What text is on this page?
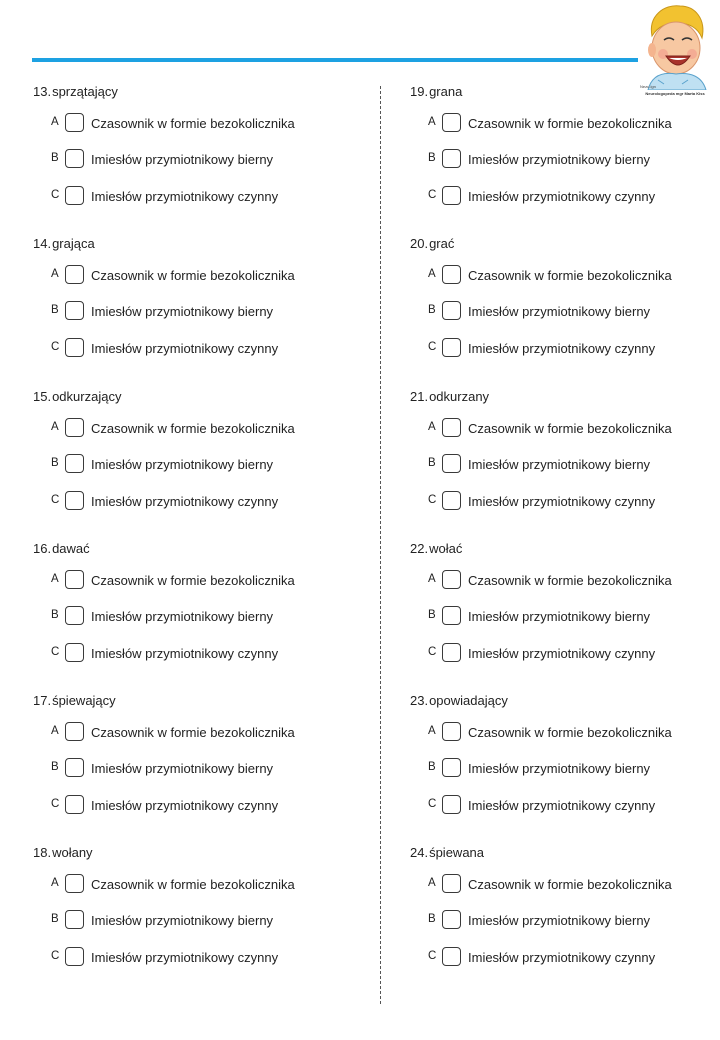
Nezu.lgn
Neurologopeda mgr Marta Kiss
13.sprzątający
A	Czasownik w formie bezokolicznika
B	Imiesłów przymiotnikowy bierny
C Imiesłów przymiotnikowy czynny
14.grająca
A	Czasownik w formie bezokolicznika
B	Imiesłów przymiotnikowy bierny
C Imiesłów przymiotnikowy czynny
15.odkurzający
A	Czasownik w formie bezokolicznika
B	Imiesłów przymiotnikowy bierny
C Imiesłów przymiotnikowy czynny
16.dawać
A	Czasownik w formie bezokolicznika
B	Imiesłów przymiotnikowy bierny
C Imiesłów przymiotnikowy czynny
17.śpiewający
A	Czasownik w formie bezokolicznika
B	Imiesłów przymiotnikowy bierny
C Imiesłów przymiotnikowy czynny
18.wołany
A	Czasownik w formie bezokolicznika
B	Imiesłów przymiotnikowy bierny
C Imiesłów przymiotnikowy czynny
19.grana
A	Czasownik w formie bezokolicznika
B	Imiesłów przymiotnikowy bierny
C Imiesłów przymiotnikowy czynny
20.grać
A	Czasownik w formie bezokolicznika
B	Imiesłów przymiotnikowy bierny
C Imiesłów przymiotnikowy czynny
21.odkurzany
A	Czasownik w formie bezokolicznika
B	Imiesłów przymiotnikowy bierny
C Imiesłów przymiotnikowy czynny
22.wołać
A	Czasownik w formie bezokolicznika
B	Imiesłów przymiotnikowy bierny
C Imiesłów przymiotnikowy czynny
23.opowiadający
A	Czasownik w formie bezokolicznika
B	Imiesłów przymiotnikowy bierny
C Imiesłów przymiotnikowy czynny
24.śpiewana
A	Czasownik w formie bezokolicznika
B	Imiesłów przymiotnikowy bierny
C Imiesłów przymiotnikowy czynny
